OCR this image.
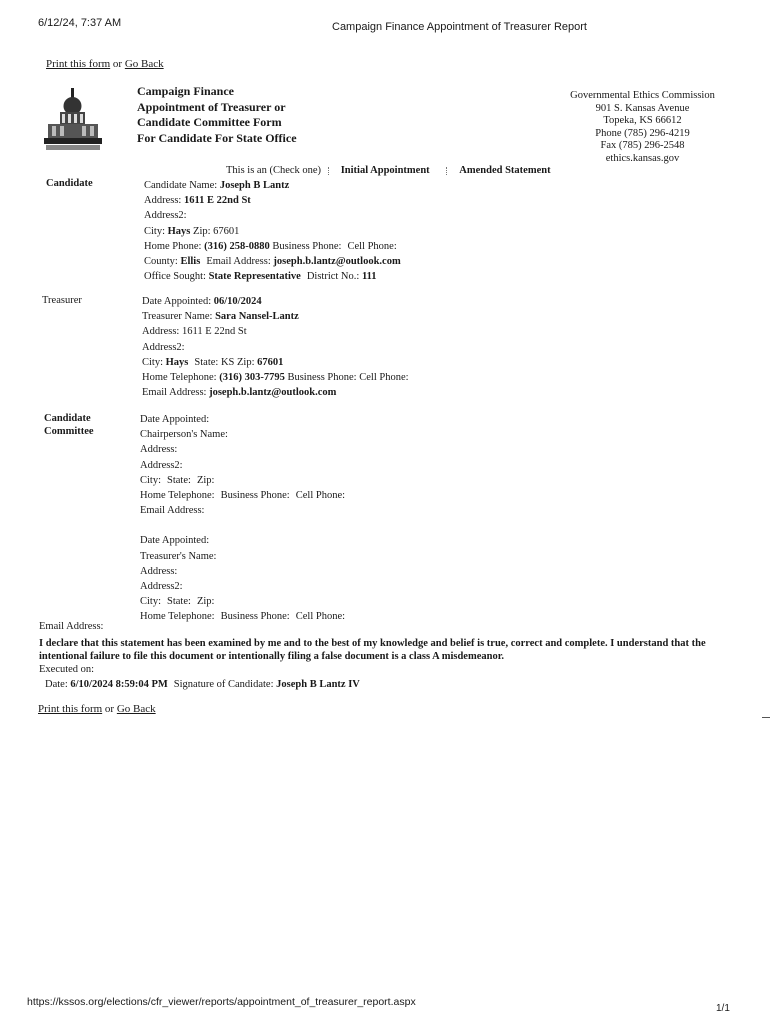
6/12/24, 7:37 AM	Campaign Finance Appointment of Treasurer Report
Print this form or Go Back
Campaign Finance
Appointment of Treasurer or
Candidate Committee Form
For Candidate For State Office
Governmental Ethics Commission
901 S. Kansas Avenue
Topeka, KS 66612
Phone (785) 296-4219
Fax (785) 296-2548
ethics.kansas.gov
This is an (Check one) Initial Appointment	Amended Statement
Candidate	Candidate Name: Joseph B Lantz
Address: 1611 E 22nd St
Address2:
City: Hays Zip: 67601
Home Phone: (316) 258-0880 Business Phone: Cell Phone:
County: Ellis Email Address: joseph.b.lantz@outlook.com
Office Sought: State Representative District No.: 111
Treasurer	Date Appointed: 06/10/2024
Treasurer Name: Sara Nansel-Lantz
Address: 1611 E 22nd St
Address2:
City: Hays State: KS Zip: 67601
Home Telephone: (316) 303-7795 Business Phone: Cell Phone:
Email Address: joseph.b.lantz@outlook.com
Candidate
Committee
Date Appointed:
Chairperson's Name:
Address:
Address2:
City: State: Zip:
Home Telephone: Business Phone: Cell Phone:
Email Address:
Date Appointed:
Treasurer's Name:
Address:
Address2:
City: State: Zip:
Home Telephone: Business Phone: Cell Phone:
Email Address:
I declare that this statement has been examined by me and to the best of my knowledge and belief is true, correct and complete. I understand that the intentional failure to file this document or intentionally filing a false document is a class A misdemeanor.
Executed on:
Date: 6/10/2024 8:59:04 PM Signature of Candidate: Joseph B Lantz IV
Print this form or Go Back
https://kssos.org/elections/cfr_viewer/reports/appointment_of_treasurer_report.aspx
1/1
